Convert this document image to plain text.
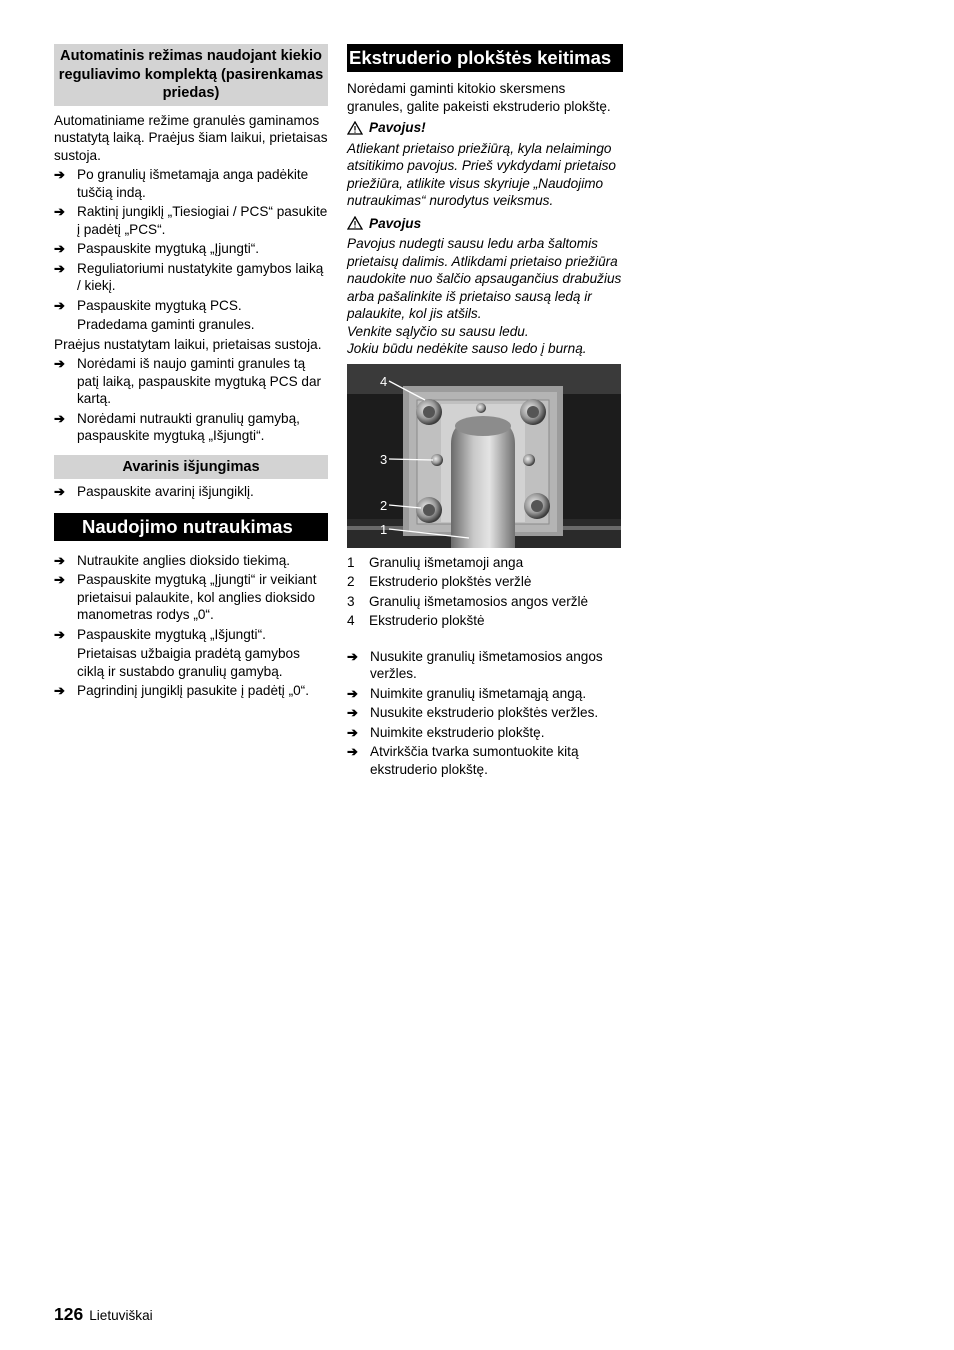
Automatinis režimas naudojant kiekio reguliavimo komplektą (pasirenkamas priedas)

Automatiniame režime granulės gaminamos nustatytą laiką. Praėjus šiam laikui, prietaisas sustoja.

➔ Po granulių išmetamąja anga padėkite tuščią indą.
➔ Raktinį jungiklį „Tiesiogiai / PCS“ pasukite į padėtį „PCS“.
➔ Paspauskite mygtuką „Įjungti“.
➔ Reguliatoriumi nustatykite gamybos laiką / kiekį.
➔ Paspauskite mygtuką PCS.

Pradedama gaminti granules.

Praėjus nustatytam laikui, prietaisas sustoja.

➔ Norėdami iš naujo gaminti granules tą patį laiką, paspauskite mygtuką PCS dar kartą.
➔ Norėdami nutraukti granulių gamybą, paspauskite mygtuką „Išjungti“.
Avarinis išjungimas
➔ Paspauskite avarinį išjungiklį.
Naudojimo nutraukimas
➔ Nutraukite anglies dioksido tiekimą.
➔ Paspauskite mygtuką „Įjungti“ ir veikiant prietaisui palaukite, kol anglies dioksido manometras rodys „0“.
➔ Paspauskite mygtuką „Išjungti“.

Prietaisas užbaigia pradėtą gamybos ciklą ir sustabdo granulių gamybą.

➔ Pagrindinį jungiklį pasukite į padėtį „0“.
Ekstruderio plokštės keitimas

Norėdami gaminti kitokio skersmens granules, galite pakeisti ekstruderio plokštę.

Pavojus!

Atliekant prietaiso priežiūrą, kyla nelaimingo atsitikimo pavojus. Prieš vykdydami prietaiso priežiūra, atlikite visus skyriuje „Naudojimo nutraukimas“ nurodytus veiksmus.

Pavojus

Pavojus nudegti sausu ledu arba šaltomis prietaisų dalimis. Atlikdami prietaiso priežiūra naudokite nuo šalčio apsaugančius drabužius arba pašalinkite iš prietaiso sausą ledą ir palaukite, kol jis atšils.

Venkite sąlyčio su sausu ledu.

Jokiu būdu nedėkite sauso ledo į burną.

4
3
2
1
1	Granulių išmetamoji anga
2	Ekstruderio plokštės veržlė
3	Granulių išmetamosios angos veržlė
4	Ekstruderio plokštė
➔ Nusukite granulių išmetamosios angos veržles.
➔ Nuimkite granulių išmetamąją angą.
➔ Nusukite ekstruderio plokštės veržles.
➔ Nuimkite ekstruderio plokštę.
➔ Atvirkščia tvarka sumontuokite kitą ekstruderio plokštę.
126 Lietuviškai
